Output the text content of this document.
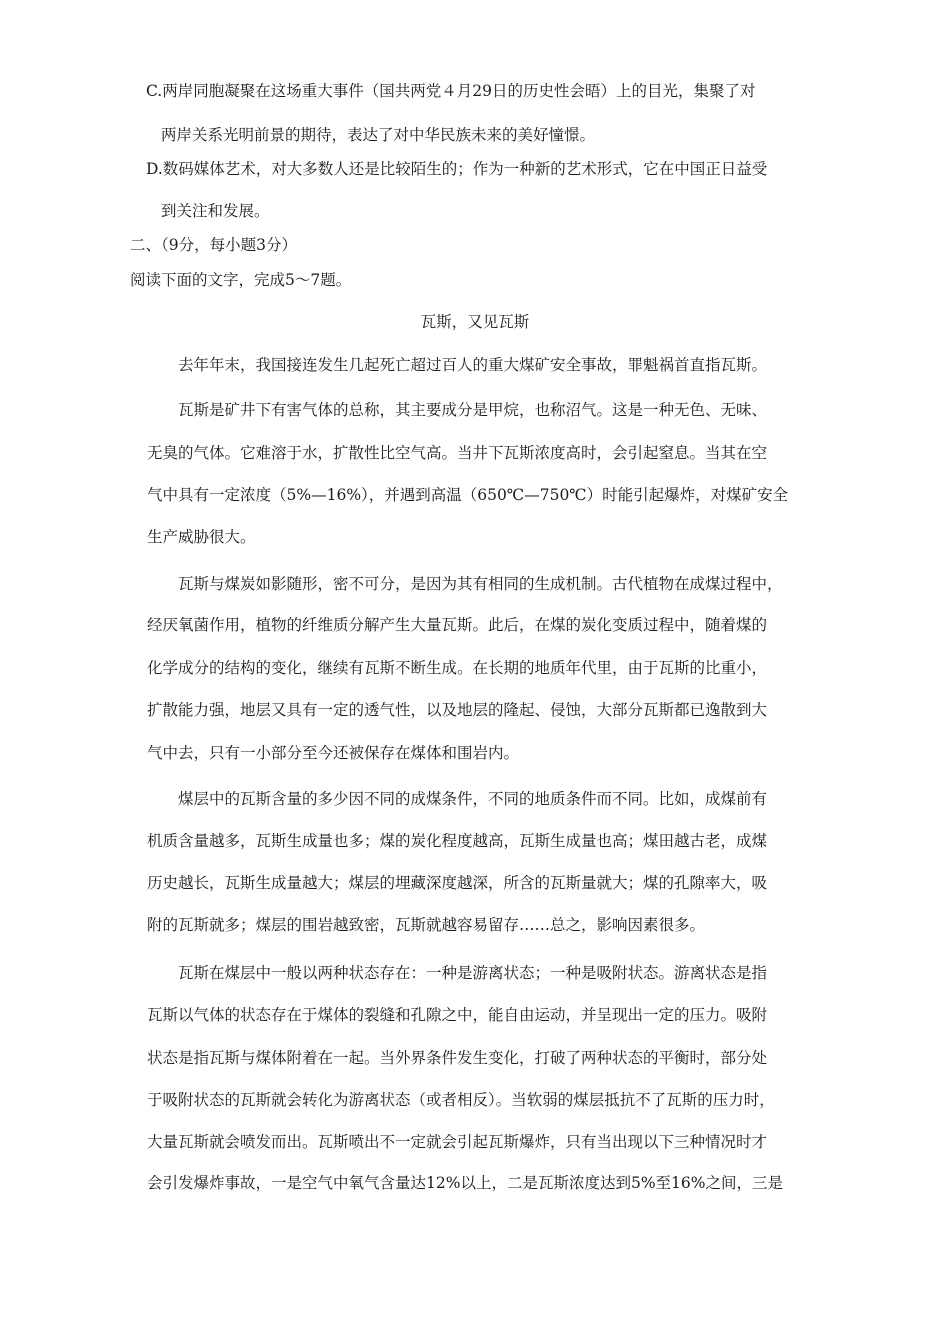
C.两岸同胞凝聚在这场重大事件（国共两党４月29日的历史性会晤）上的目光，集聚了对

两岸关系光明前景的期待，表达了对中华民族未来的美好憧憬。

D.数码媒体艺术，对大多数人还是比较陌生的；作为一种新的艺术形式，它在中国正日益受

到关注和发展。

二、（9分，每小题3分）

阅读下面的文字，完成5～7题。

瓦斯，又见瓦斯

去年年末，我国接连发生几起死亡超过百人的重大煤矿安全事故，罪魁祸首直指瓦斯。

瓦斯是矿井下有害气体的总称，其主要成分是甲烷，也称沼气。这是一种无色、无味、

无臭的气体。它难溶于水，扩散性比空气高。当井下瓦斯浓度高时，会引起窒息。当其在空

气中具有一定浓度（5%—16%），并遇到高温（650℃—750℃）时能引起爆炸，对煤矿安全

生产威胁很大。

瓦斯与煤炭如影随形，密不可分，是因为其有相同的生成机制。古代植物在成煤过程中，

经厌氧菌作用，植物的纤维质分解产生大量瓦斯。此后，在煤的炭化变质过程中，随着煤的

化学成分的结构的变化，继续有瓦斯不断生成。在长期的地质年代里，由于瓦斯的比重小，

扩散能力强，地层又具有一定的透气性，以及地层的隆起、侵蚀，大部分瓦斯都已逸散到大

气中去，只有一小部分至今还被保存在煤体和围岩内。

煤层中的瓦斯含量的多少因不同的成煤条件，不同的地质条件而不同。比如，成煤前有

机质含量越多，瓦斯生成量也多；煤的炭化程度越高，瓦斯生成量也高；煤田越古老，成煤

历史越长，瓦斯生成量越大；煤层的埋藏深度越深，所含的瓦斯量就大；煤的孔隙率大，吸

附的瓦斯就多；煤层的围岩越致密，瓦斯就越容易留存……总之，影响因素很多。

瓦斯在煤层中一般以两种状态存在：一种是游离状态；一种是吸附状态。游离状态是指

瓦斯以气体的状态存在于煤体的裂缝和孔隙之中，能自由运动，并呈现出一定的压力。吸附

状态是指瓦斯与煤体附着在一起。当外界条件发生变化，打破了两种状态的平衡时，部分处

于吸附状态的瓦斯就会转化为游离状态（或者相反）。当软弱的煤层抵抗不了瓦斯的压力时，

大量瓦斯就会喷发而出。瓦斯喷出不一定就会引起瓦斯爆炸，只有当出现以下三种情况时才

会引发爆炸事故，一是空气中氧气含量达12%以上，二是瓦斯浓度达到5%至16%之间，三是
